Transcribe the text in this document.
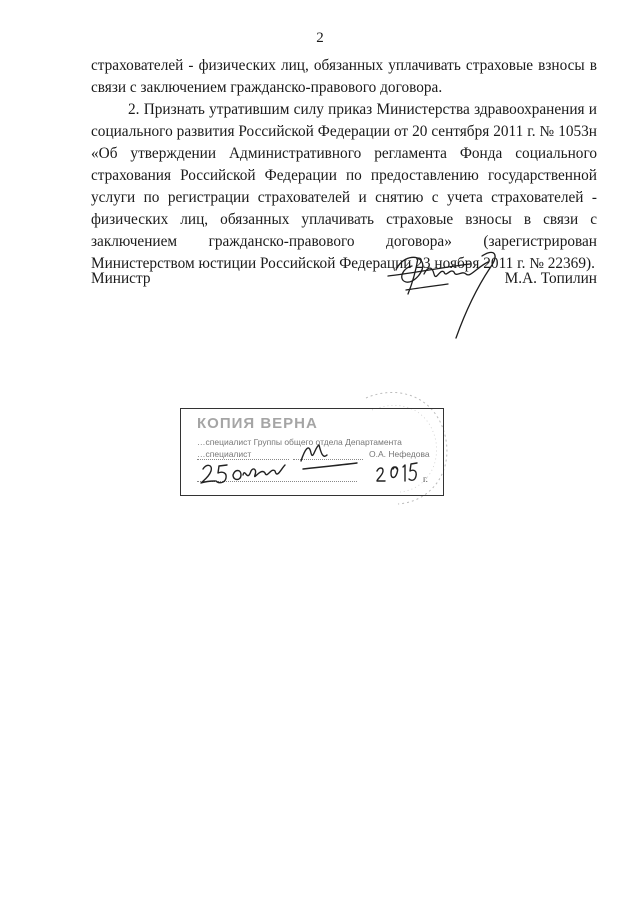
2
страхователей - физических лиц, обязанных уплачивать страховые взносы в
связи с заключением гражданско-правового договора.
2. Признать утратившим силу приказ Министерства здравоохранения и
социального развития Российской Федерации от 20 сентября 2011 г. № 1053н
«Об утверждении Административного регламента Фонда социального
страхования Российской Федерации по предоставлению государственной
услуги по регистрации страхователей и снятию с учета страхователей -
физических лиц, обязанных уплачивать страховые взносы в связи с
заключением гражданско-правового договора» (зарегистрирован
Министерством юстиции Российской Федерации 23 ноября 2011 г. № 22369).
Министр	М.А. Топилин
КОПИЯ ВЕРНА
…специалист Группы общего отдела Департамента
…специалист	О.А. Нефедова
г.
